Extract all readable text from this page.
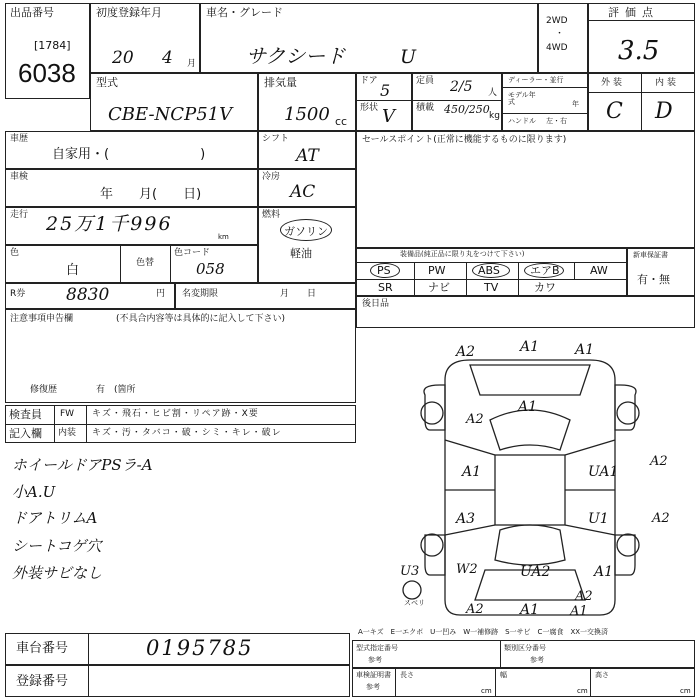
出品番号
[1784]
6038
初度登録年月
20 4 月
車名・グレード
サクシード	U
2WD
・
4WD
評価点
3.5
型式
CBE-NCP51V
排気量
1500 cc
ドア 5
形状 V
定員 2/5 人
積載 450/250 kg
ディーラー・並行
モデル年式	年
ハンドル 左・右
外装	内装
C D
車歴
自家用・(　　　　　　　)
シフト
AT
車検
年　　月(　　日)
冷房
AC
走行 25万1千996
km
燃料
ガソリン
軽油
色
白	色替
色コード
058
R券 8830	円 名変期限	月　　日
注意事項申告欄	(不具合内容等は具体的に記入して下さい)
修復歴	有　(箇所
セールスポイント(正常に機能するものに限ります)
装備品(純正品に限り丸をつけて下さい)
PS	PW	ABS	エアB	AW
SR	ナビ	TV	カワ
新車保証書
有・無
後日品
検査員
記入欄
FW キズ・飛石・ヒビ割・リペア跡・X要
内装 キズ・汚・タバコ・破・シミ・キレ・破レ
ホイールドアPSラ-A
小A.U
ドアトリムA
シートコゲ穴
外装サビなし
A2	A1	A1
A2
A1
A1	UA1
A2
A3	U1	A2
A1
UA2
U3	W2
A1
A2	A1
A2
スベリ
A一キズ　E一エクボ　U一凹み　W一補修跡　S一サビ　C一腐食　XX一交換済
車台番号	0195785
登録番号
型式指定番号
参考
類別区分番号
参考
車検証明書
参考
長さ
cm
幅
cm
高さ
cm
